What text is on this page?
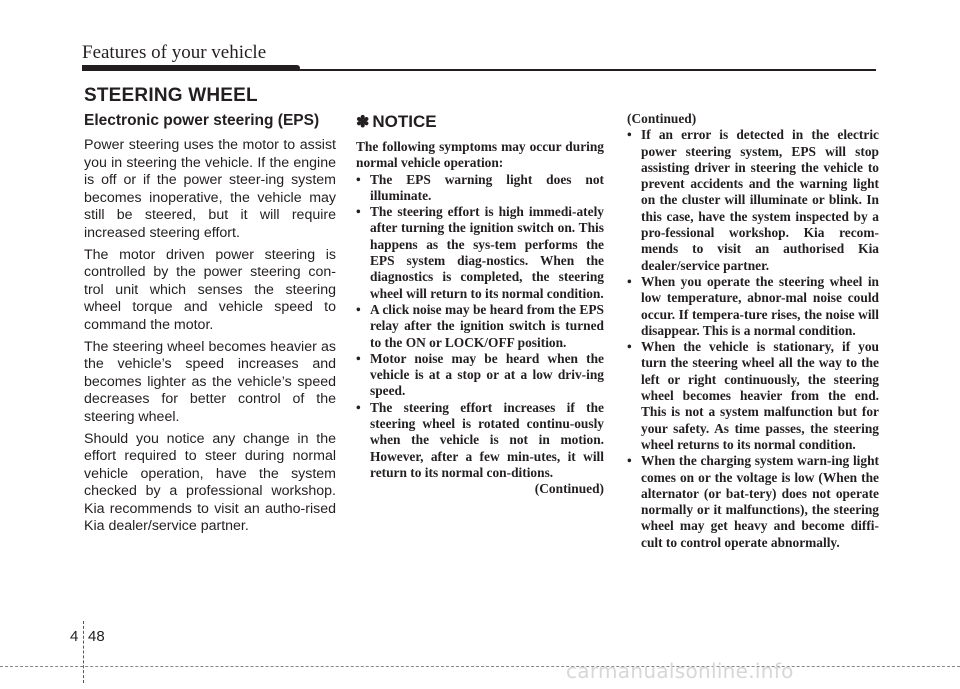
Features of your vehicle
STEERING WHEEL
Electronic power steering (EPS)

Power steering uses the motor to assist you in steering the vehicle. If the engine is off or if the power steer-ing system becomes inoperative, the vehicle may still be steered, but it will require increased steering effort.

The motor driven power steering is controlled by the power steering con-trol unit which senses the steering wheel torque and vehicle speed to command the motor.

The steering wheel becomes heavier as the vehicle’s speed increases and becomes lighter as the vehicle’s speed decreases for better control of the steering wheel.

Should you notice any change in the effort required to steer during normal vehicle operation, have the system checked by a professional workshop. Kia recommends to visit an autho-rised Kia dealer/service partner.

✽ NOTICE

The following symptoms may occur during normal vehicle operation:

• The EPS warning light does not illuminate.
• The steering effort is high immedi-ately after turning the ignition switch on. This happens as the sys-tem performs the EPS system diag-nostics. When the diagnostics is completed, the steering wheel will return to its normal condition.
• A click noise may be heard from the EPS relay after the ignition switch is turned to the ON or LOCK/OFF position.
• Motor noise may be heard when the vehicle is at a stop or at a low driv-ing speed.
• The steering effort increases if the steering wheel is rotated continu-ously when the vehicle is not in motion. However, after a few min-utes, it will return to its normal con-ditions.
(Continued)
(Continued)
• If an error is detected in the electric power steering system, EPS will stop assisting driver in steering the vehicle to prevent accidents and the warning light on the cluster will illuminate or blink. In this case, have the system inspected by a pro-fessional workshop. Kia recom-mends to visit an authorised Kia dealer/service partner.
• When you operate the steering wheel in low temperature, abnor-mal noise could occur. If tempera-ture rises, the noise will disappear. This is a normal condition.
• When the vehicle is stationary, if you turn the steering wheel all the way to the left or right continuously, the steering wheel becomes heavier from the end. This is not a system malfunction but for your safety. As time passes, the steering wheel returns to its normal condition.
• When the charging system warn-ing light comes on or the voltage is low (When the alternator (or bat-tery) does not operate normally or it malfunctions), the steering wheel may get heavy and become diffi-cult to control operate abnormally.
4 48
carmanualsonline.info
